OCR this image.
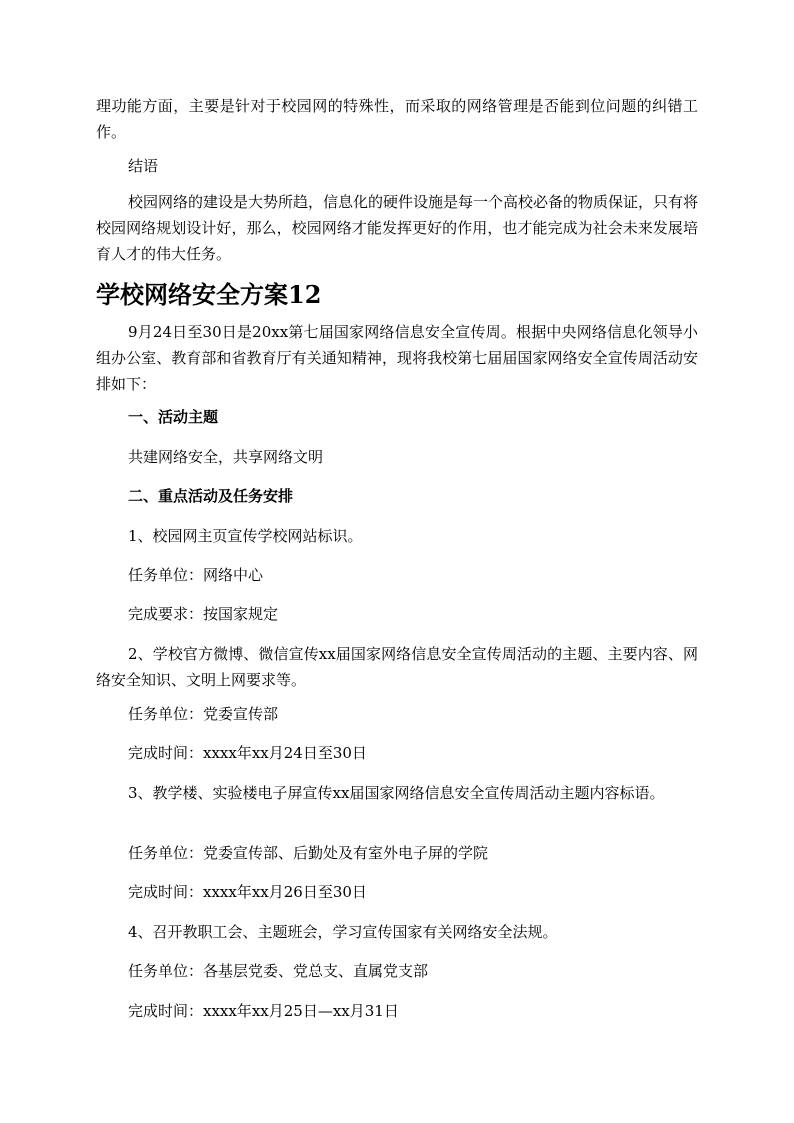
理功能方面，主要是针对于校园网的特殊性，而采取的网络管理是否能到位问题的纠错工作。

结语

校园网络的建设是大势所趋，信息化的硬件设施是每一个高校必备的物质保证，只有将校园网络规划设计好，那么，校园网络才能发挥更好的作用，也才能完成为社会未来发展培育人才的伟大任务。

学校网络安全方案12

9月24日至30日是20xx第七届国家网络信息安全宣传周。根据中央网络信息化领导小组办公室、教育部和省教育厅有关通知精神，现将我校第七届届国家网络安全宣传周活动安排如下：

一、活动主题

共建网络安全，共享网络文明

二、重点活动及任务安排

1、校园网主页宣传学校网站标识。

任务单位：网络中心

完成要求：按国家规定

2、学校官方微博、微信宣传xx届国家网络信息安全宣传周活动的主题、主要内容、网络安全知识、文明上网要求等。

任务单位：党委宣传部

完成时间：xxxx年xx月24日至30日

3、教学楼、实验楼电子屏宣传xx届国家网络信息安全宣传周活动主题内容标语。

任务单位：党委宣传部、后勤处及有室外电子屏的学院

完成时间：xxxx年xx月26日至30日

4、召开教职工会、主题班会，学习宣传国家有关网络安全法规。

任务单位：各基层党委、党总支、直属党支部

完成时间：xxxx年xx月25日—xx月31日
